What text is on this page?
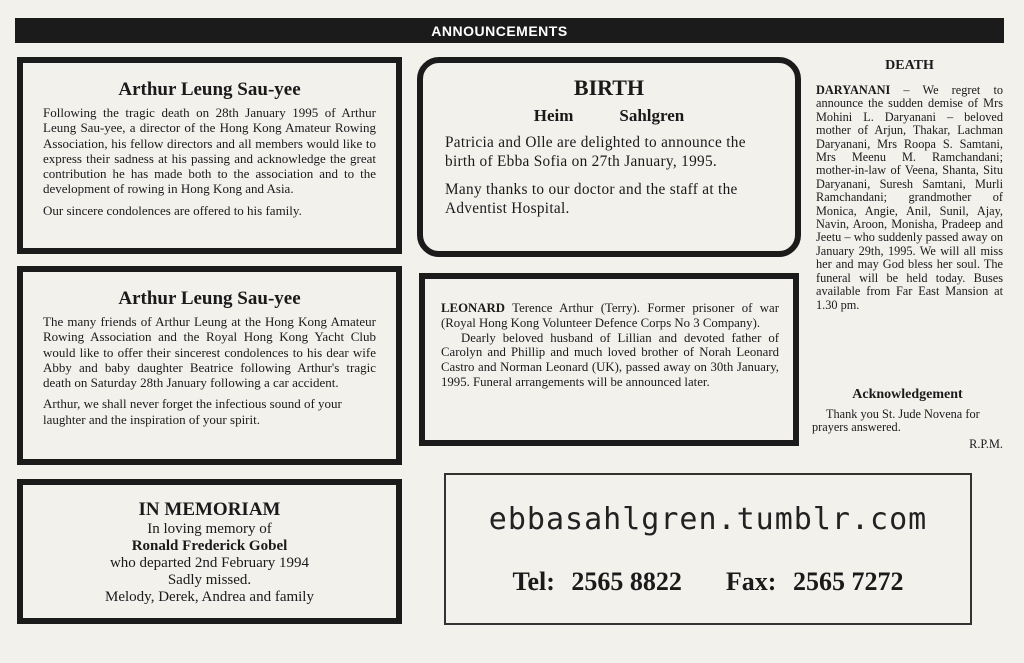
ANNOUNCEMENTS
Arthur Leung Sau-yee

Following the tragic death on 28th January 1995 of Arthur Leung Sau-yee, a director of the Hong Kong Amateur Rowing Association, his fellow directors and all members would like to express their sadness at his passing and acknowledge the great contribution he has made both to the association and to the development of rowing in Hong Kong and Asia.

Our sincere condolences are offered to his family.

Arthur Leung Sau-yee

The many friends of Arthur Leung at the Hong Kong Amateur Rowing Association and the Royal Hong Kong Yacht Club would like to offer their sincerest condolences to his dear wife Abby and baby daughter Beatrice following Arthur's tragic death on Saturday 28th January following a car accident.

Arthur, we shall never forget the infectious sound of your laughter and the inspiration of your spirit.

IN MEMORIAM
In loving memory of
Ronald Frederick Gobel
who departed 2nd February 1994
Sadly missed.
Melody, Derek, Andrea and family
BIRTH
Heim	Sahlgren

Patricia and Olle are delighted to announce the birth of Ebba Sofia on 27th January, 1995.

Many thanks to our doctor and the staff at the Adventist Hospital.

LEONARD Terence Arthur (Terry). Former prisoner of war (Royal Hong Kong Volunteer Defence Corps No 3 Company).

Dearly beloved husband of Lillian and devoted father of Carolyn and Phillip and much loved brother of Norah Leonard Castro and Norman Leonard (UK), passed away on 30th January, 1995. Funeral arrangements will be announced later.

ebbasahlgren.tumblr.com
Tel: 2565 8822 Fax: 2565 7272
DEATH

DARYANANI – We regret to announce the sudden demise of Mrs Mohini L. Daryanani – beloved mother of Arjun, Thakar, Lachman Daryanani, Mrs Roopa S. Samtani, Mrs Meenu M. Ramchandani; mother-in-law of Veena, Shanta, Situ Daryanani, Suresh Samtani, Murli Ramchandani; grandmother of Monica, Angie, Anil, Sunil, Ajay, Navin, Aroon, Monisha, Pradeep and Jeetu – who suddenly passed away on January 29th, 1995. We will all miss her and may God bless her soul. The funeral will be held today. Buses available from Far East Mansion at 1.30 pm.

Acknowledgement

Thank you St. Jude Novena for prayers answered.

R.P.M.
